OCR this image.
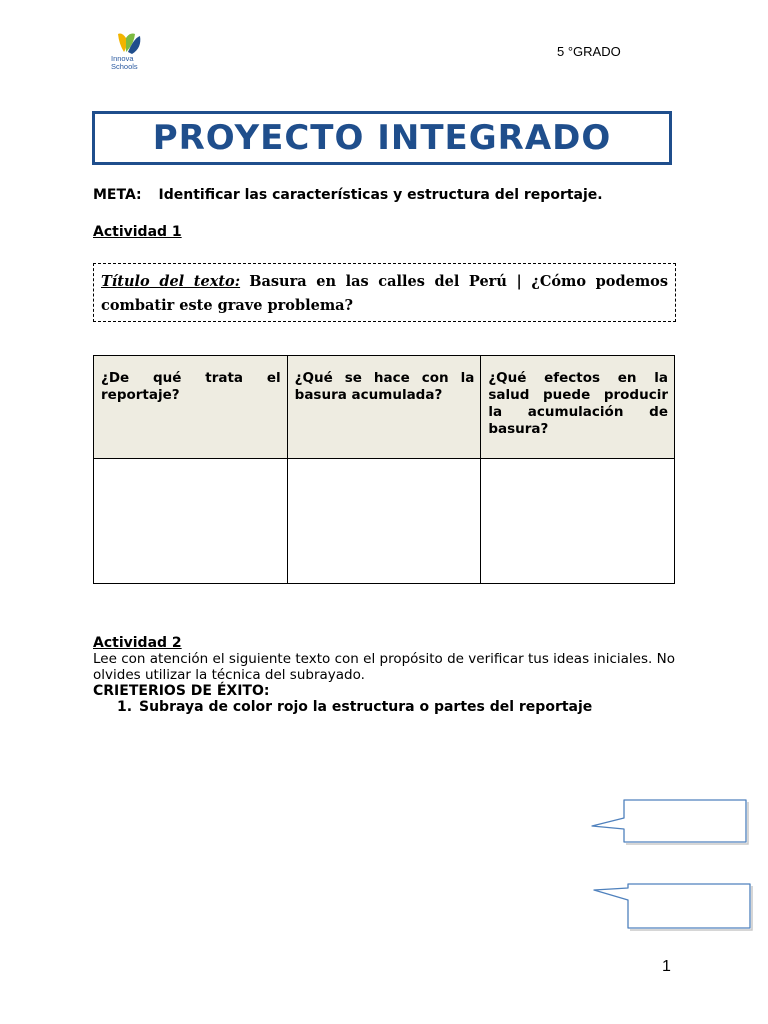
Innova
Schools
5 °GRADO
PROYECTO INTEGRADO
META: Identificar las características y estructura del reportaje.
Actividad 1
Título del texto: Basura en las calles del Perú | ¿Cómo podemos combatir este grave problema?
¿De qué trata el reportaje?	¿Qué se hace con la basura acumulada?	¿Qué efectos en la salud puede producir la acumulación de basura?

Actividad 2
Lee con atención el siguiente texto con el propósito de verificar tus ideas iniciales. No olvides utilizar la técnica del subrayado.
CRIETERIOS DE ÉXITO:
1. Subraya de color rojo la estructura o partes del reportaje
1
